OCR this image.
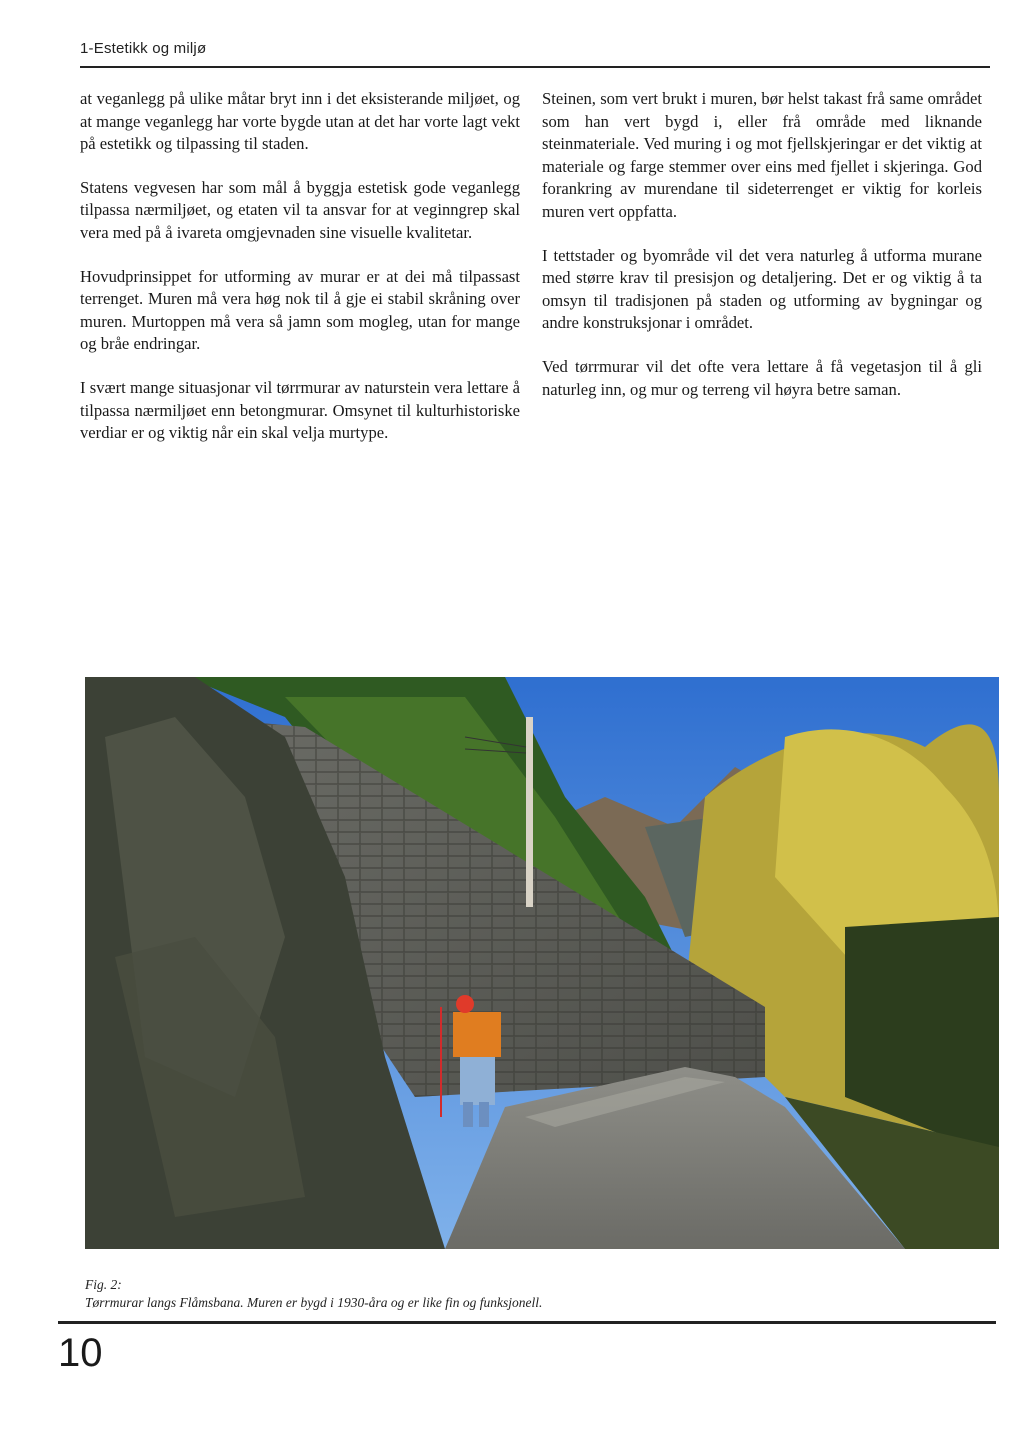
1-Estetikk og miljø

at veganlegg på ulike måtar bryt inn i det eksisterande miljøet, og at mange veganlegg har vorte bygde utan at det har vorte lagt vekt på estetikk og tilpassing til staden.

Statens vegvesen har som mål å byggja estetisk gode veganlegg tilpassa nærmiljøet, og etaten vil ta ansvar for at veginngrep skal vera med på å ivareta omgjevnaden sine visuelle kvalitetar.

Hovudprinsippet for utforming av murar er at dei må tilpassast terrenget. Muren må vera høg nok til å gje ei stabil skråning over muren. Murtoppen må vera så jamn som mogleg, utan for mange og bråe endringar.

I svært mange situasjonar vil tørrmurar av naturstein vera lettare å tilpassa nærmiljøet enn betongmurar. Omsynet til kulturhistoriske verdiar er og viktig når ein skal velja murtype.

Steinen, som vert brukt i muren, bør helst takast frå same området som han vert bygd i, eller frå område med liknande steinmateriale. Ved muring i og mot fjellskjeringar er det viktig at materiale og farge stemmer over eins med fjellet i skjeringa. God forankring av murendane til sideterrenget er viktig for korleis muren vert oppfatta.

I tettstader og byområde vil det vera naturleg å utforma murane med større krav til presisjon og detaljering. Det er og viktig å ta omsyn til tradisjonen på staden og utforming av bygningar og andre konstruksjonar i området.

Ved tørrmurar vil det ofte vera lettare å få vegetasjon til å gli naturleg inn, og mur og terreng vil høyra betre saman.

Fig. 2:
Tørrmurar langs Flåmsbana. Muren er bygd i 1930-åra og er like fin og funksjonell.
10
